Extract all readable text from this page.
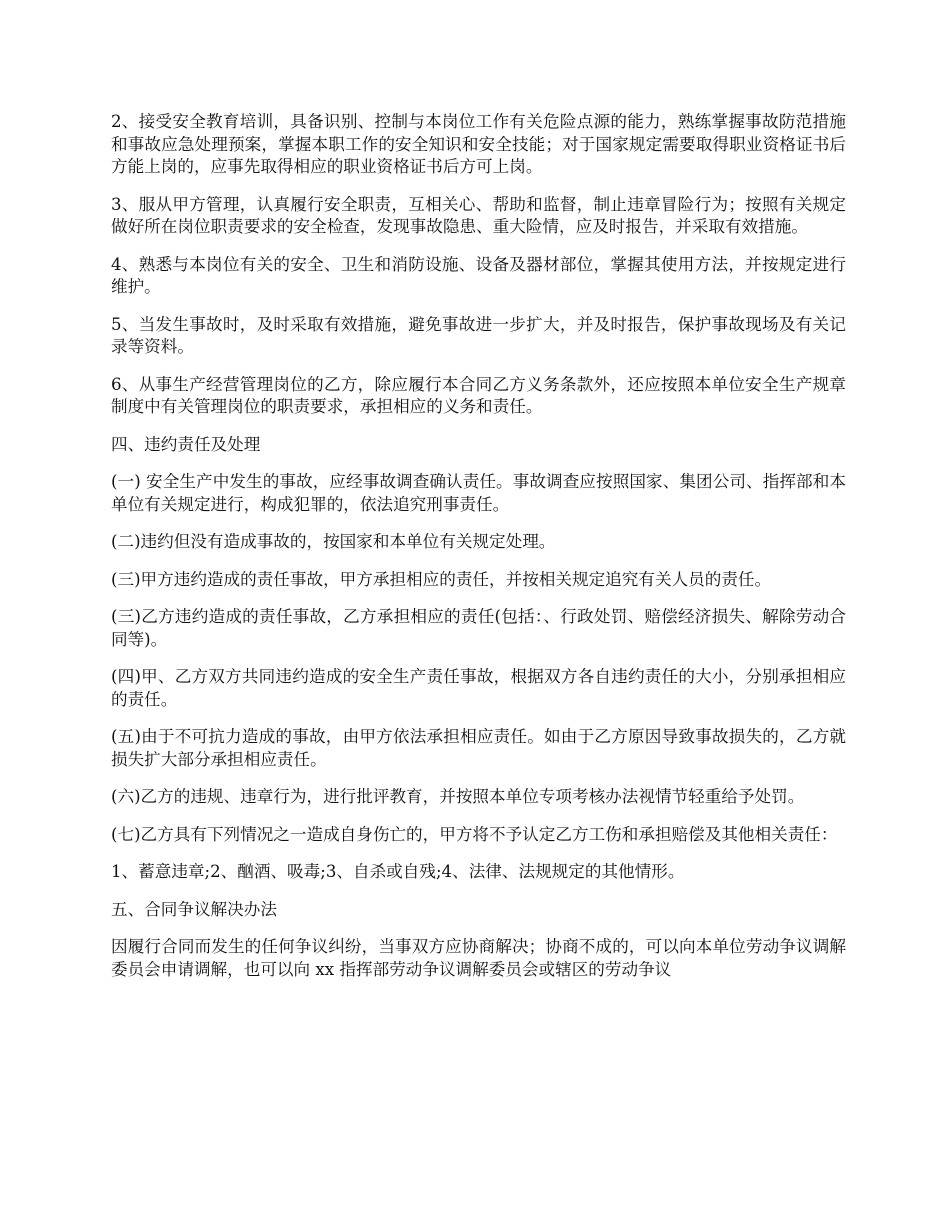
2、接受安全教育培训，具备识别、控制与本岗位工作有关危险点源的能力，熟练掌握事故防范措施和事故应急处理预案，掌握本职工作的安全知识和安全技能；对于国家规定需要取得职业资格证书后方能上岗的，应事先取得相应的职业资格证书后方可上岗。

3、服从甲方管理，认真履行安全职责，互相关心、帮助和监督，制止违章冒险行为；按照有关规定做好所在岗位职责要求的安全检查，发现事故隐患、重大险情，应及时报告，并采取有效措施。

4、熟悉与本岗位有关的安全、卫生和消防设施、设备及器材部位，掌握其使用方法，并按规定进行维护。

5、当发生事故时，及时采取有效措施，避免事故进一步扩大，并及时报告，保护事故现场及有关记录等资料。

6、从事生产经营管理岗位的乙方，除应履行本合同乙方义务条款外，还应按照本单位安全生产规章制度中有关管理岗位的职责要求，承担相应的义务和责任。

四、违约责任及处理

(一) 安全生产中发生的事故，应经事故调查确认责任。事故调查应按照国家、集团公司、指挥部和本单位有关规定进行，构成犯罪的，依法追究刑事责任。

(二)违约但没有造成事故的，按国家和本单位有关规定处理。

(三)甲方违约造成的责任事故，甲方承担相应的责任，并按相关规定追究有关人员的责任。

(三)乙方违约造成的责任事故，乙方承担相应的责任(包括：、行政处罚、赔偿经济损失、解除劳动合同等)。

(四)甲、乙方双方共同违约造成的安全生产责任事故，根据双方各自违约责任的大小，分别承担相应的责任。

(五)由于不可抗力造成的事故，由甲方依法承担相应责任。如由于乙方原因导致事故损失的，乙方就损失扩大部分承担相应责任。

(六)乙方的违规、违章行为，进行批评教育，并按照本单位专项考核办法视情节轻重给予处罚。

(七)乙方具有下列情况之一造成自身伤亡的，甲方将不予认定乙方工伤和承担赔偿及其他相关责任：

1、蓄意违章;2、酗酒、吸毒;3、自杀或自残;4、法律、法规规定的其他情形。

五、合同争议解决办法

因履行合同而发生的任何争议纠纷，当事双方应协商解决；协商不成的，可以向本单位劳动争议调解委员会申请调解，也可以向 xx 指挥部劳动争议调解委员会或辖区的劳动争议
